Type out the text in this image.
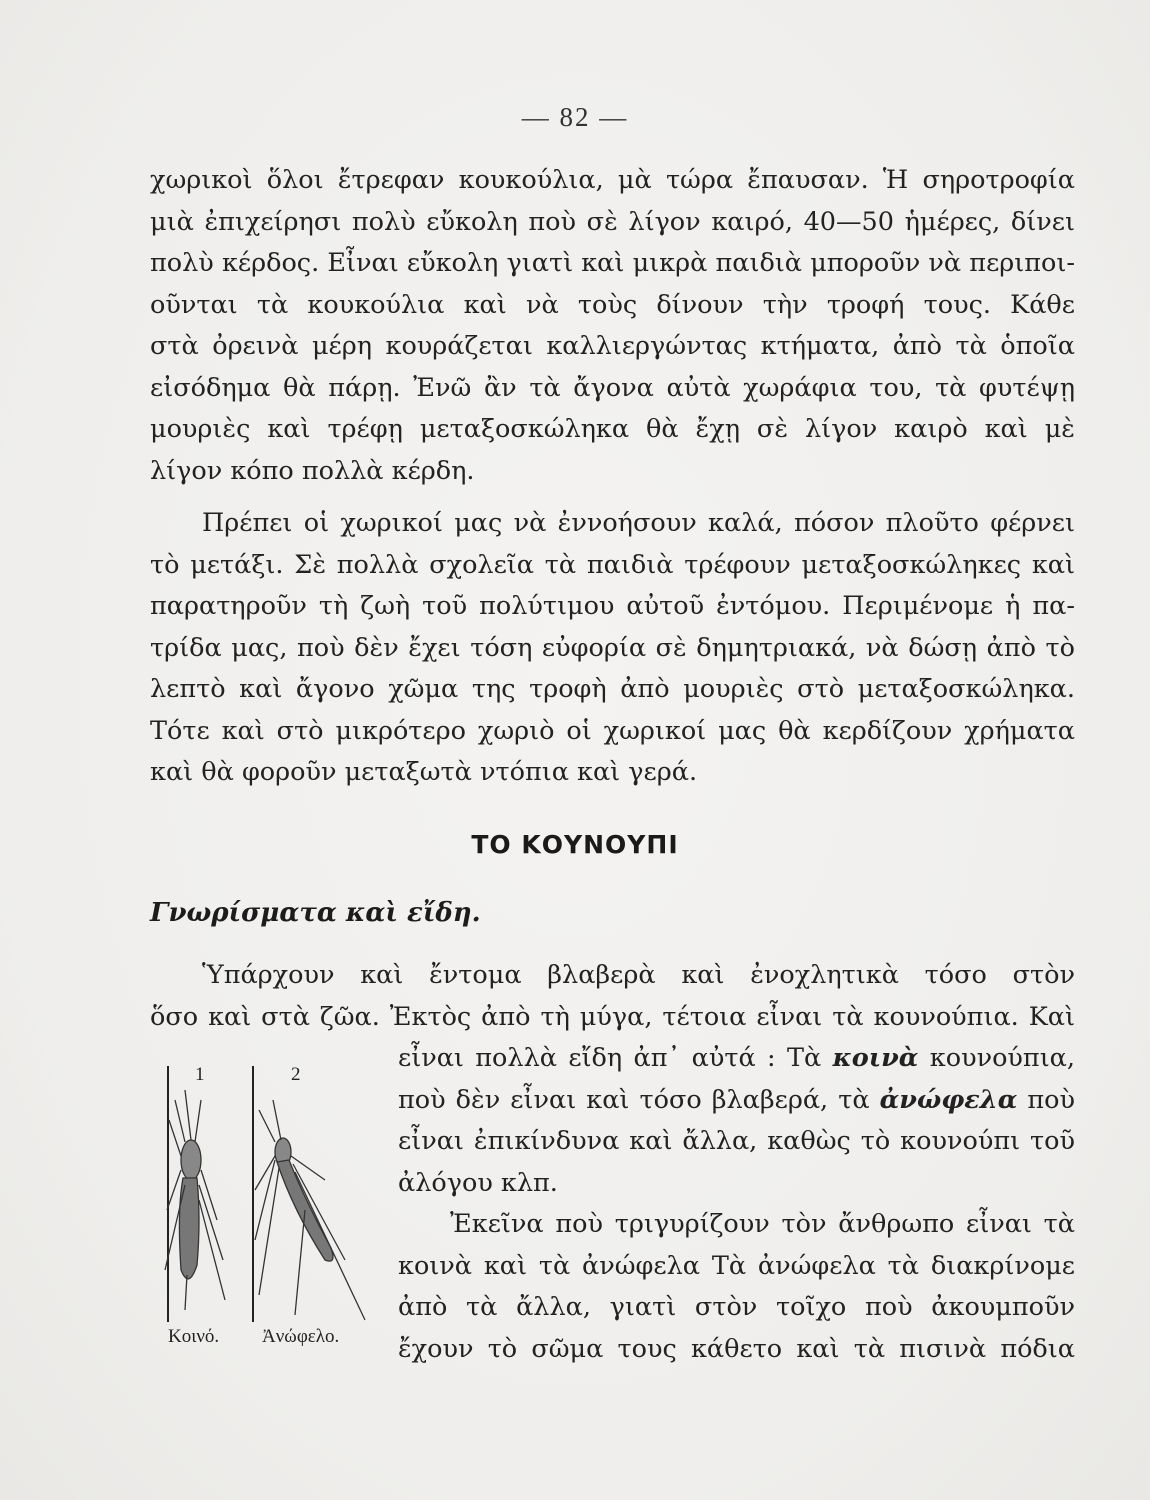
— 82 —
χωρικοὶ ὅλοι ἔτρεφαν κουκούλια, μὰ τώρα ἔπαυσαν. Ἡ σηροτροφία
μιὰ ἐπιχείρησι πολὺ εὔκολη ποὺ σὲ λίγον καιρό, 40—50 ἡμέρες, δίνει
πολὺ κέρδος. Εἶναι εὔκολη γιατὶ καὶ μικρὰ παιδιὰ μποροῦν νὰ περιποι-
οῦνται τὰ κουκούλια καὶ νὰ τοὺς δίνουν τὴν τροφή τους. Κάθε
στὰ ὀρεινὰ μέρη κουράζεται καλλιεργώντας κτήματα, ἀπὸ τὰ ὁποῖα
εἰσόδημα θὰ πάρῃ. Ἐνῶ ἂν τὰ ἄγονα αὐτὰ χωράφια του, τὰ φυτέψῃ
μουριὲς καὶ τρέφῃ μεταξοσκώληκα θὰ ἔχῃ σὲ λίγον καιρὸ καὶ μὲ
λίγον κόπο πολλὰ κέρδη.
Πρέπει οἱ χωρικοί μας νὰ ἐννοήσουν καλά, πόσον πλοῦτο φέρνει
τὸ μετάξι. Σὲ πολλὰ σχολεῖα τὰ παιδιὰ τρέφουν μεταξοσκώληκες καὶ
παρατηροῦν τὴ ζωὴ τοῦ πολύτιμου αὐτοῦ ἐντόμου. Περιμένομε ἡ πα-
τρίδα μας, ποὺ δὲν ἔχει τόση εὐφορία σὲ δημητριακά, νὰ δώσῃ ἀπὸ τὸ
λεπτὸ καὶ ἄγονο χῶμα της τροφὴ ἀπὸ μουριὲς στὸ μεταξοσκώληκα.
Τότε καὶ στὸ μικρότερο χωριὸ οἱ χωρικοί μας θὰ κερδίζουν χρήματα
καὶ θὰ φοροῦν μεταξωτὰ ντόπια καὶ γερά.
ΤΟ ΚΟΥΝΟΥΠΙ
Γνωρίσματα καὶ εἴδη.
Ὑπάρχουν καὶ ἔντομα βλαβερὰ καὶ ἐνοχλητικὰ τόσο στὸν
ὅσο καὶ στὰ ζῶα. Ἐκτὸς ἀπὸ τὴ μύγα, τέτοια εἶναι τὰ κουνούπια. Καὶ
εἶναι πολλὰ εἴδη ἀπ᾽ αὐτά : Τὰ κοινὰ κουνούπια,
ποὺ δὲν εἶναι καὶ τόσο βλαβερά, τὰ ἀνώφελα ποὺ
εἶναι ἐπικίνδυνα καὶ ἄλλα, καθὼς τὸ κουνούπι τοῦ
ἀλόγου κλπ.
Ἐκεῖνα ποὺ τριγυρίζουν τὸν ἄνθρωπο εἶναι τὰ
κοινὰ καὶ τὰ ἀνώφελα Τὰ ἀνώφελα τὰ διακρίνομε
ἀπὸ τὰ ἄλλα, γιατὶ στὸν τοῖχο ποὺ ἀκουμποῦν
ἔχουν τὸ σῶμα τους κάθετο καὶ τὰ πισινὰ πόδια
1	2
Κοινό. Ἀνώφελο.
